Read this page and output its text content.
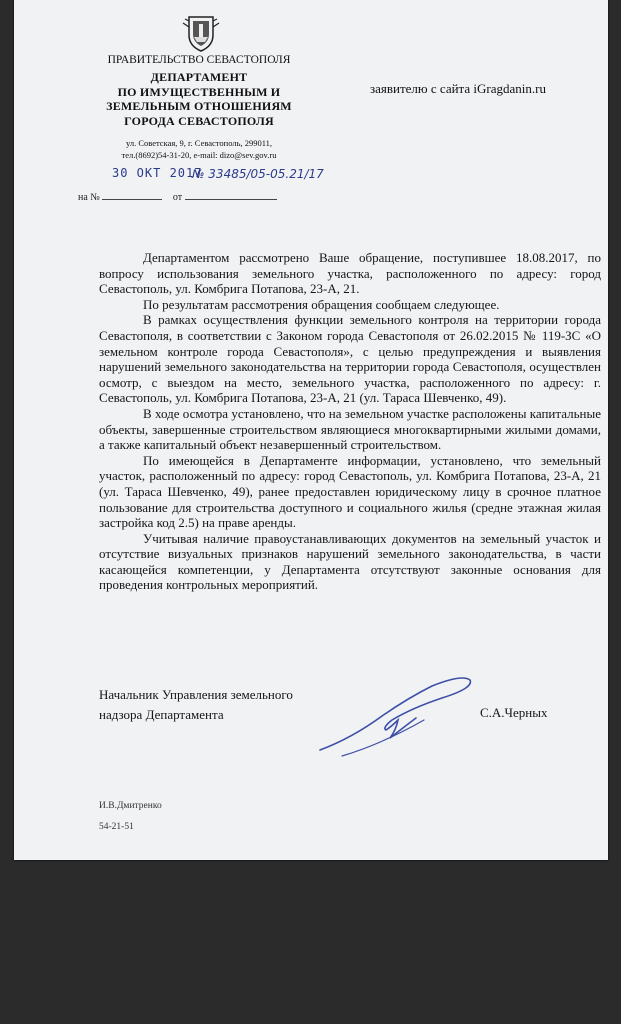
ПРАВИТЕЛЬСТВО СЕВАСТОПОЛЯ
ДЕПАРТАМЕНТ
ПО ИМУЩЕСТВЕННЫМ И
ЗЕМЕЛЬНЫМ ОТНОШЕНИЯМ
ГОРОДА СЕВАСТОПОЛЯ
ул. Советская, 9, г. Севастополь, 299011,
тел.(8692)54-31-20, e-mail: dizo@sev.gov.ru
заявителю с сайта iGragdanin.ru
30 ОКТ 2017
№ 33485/05-05.21/17
на №	от

Департаментом рассмотрено Ваше обращение, поступившее 18.08.2017, по вопросу использования земельного участка, расположенного по адресу: город Севастополь, ул. Комбрига Потапова, 23-А, 21.

По результатам рассмотрения обращения сообщаем следующее.

В рамках осуществления функции земельного контроля на территории города Севастополя, в соответствии с Законом города Севастополя от 26.02.2015 № 119-ЗС «О земельном контроле города Севастополя», с целью предупреждения и выявления нарушений земельного законодательства на территории города Севастополя, осуществлен осмотр, с выездом на место, земельного участка, расположенного по адресу: г. Севастополь, ул. Комбрига Потапова, 23-А, 21 (ул. Тараса Шевченко, 49).

В ходе осмотра установлено, что на земельном участке расположены капитальные объекты, завершенные строительством являющиеся многоквартирными жилыми домами, а также капитальный объект незавершенный строительством.

По имеющейся в Департаменте информации, установлено, что земельный участок, расположенный по адресу: город Севастополь, ул. Комбрига Потапова, 23-А, 21 (ул. Тараса Шевченко, 49), ранее предоставлен юридическому лицу в срочное платное пользование для строительства доступного и социального жилья (средне этажная жилая застройка код 2.5) на праве аренды.

Учитывая наличие правоустанавливающих документов на земельный участок и отсутствие визуальных признаков нарушений земельного законодательства, в части касающейся компетенции, у Департамента отсутствуют законные основания для проведения контрольных мероприятий.

Начальник Управления земельного
надзора Департамента	С.А.Черных
И.В.Дмитренко
54-21-51
